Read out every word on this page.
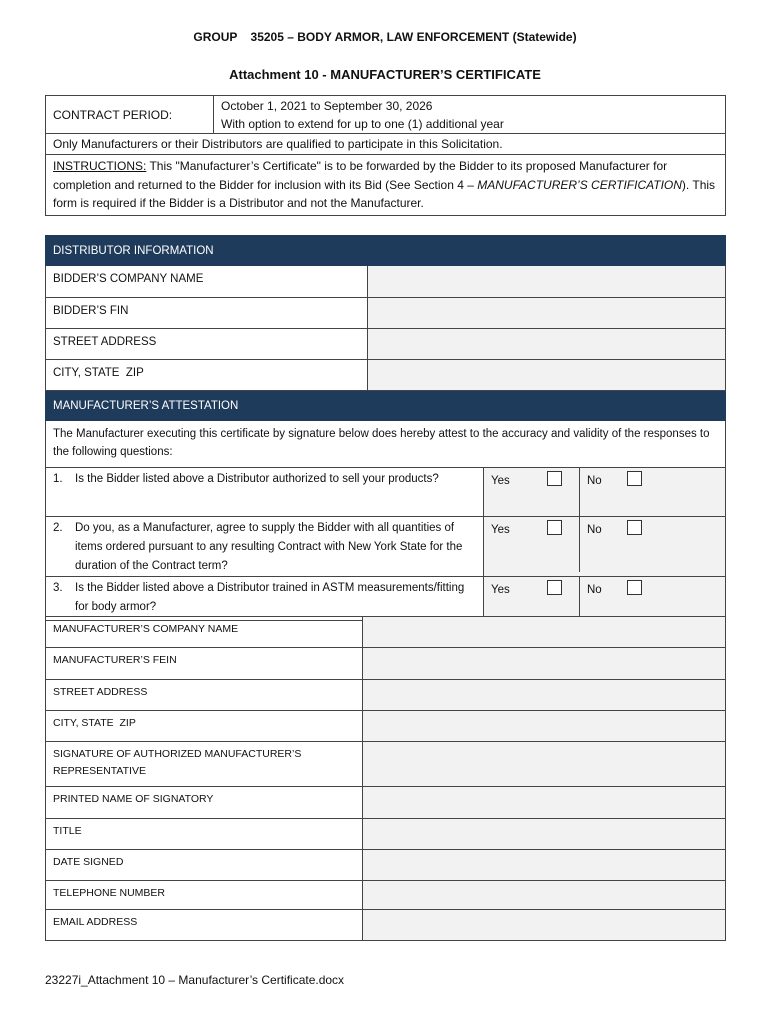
GROUP    35205 – BODY ARMOR, LAW ENFORCEMENT (Statewide)
Attachment 10 - MANUFACTURER’S CERTIFICATE
CONTRACT PERIOD:	
October 1, 2021 to September 30, 2026
With option to extend for up to one (1) additional year

Only Manufacturers or their Distributors are qualified to participate in this Solicitation.
INSTRUCTIONS: This "Manufacturer’s Certificate" is to be forwarded by the Bidder to its proposed Manufacturer for completion and returned to the Bidder for inclusion with its Bid (See Section 4 – MANUFACTURER’S CERTIFICATION). This form is required if the Bidder is a Distributor and not the Manufacturer.
DISTRIBUTOR INFORMATION		
BIDDER’S COMPANY NAME		
BIDDER’S FIN		
STREET ADDRESS		
CITY, STATE  ZIP		
MANUFACTURER’S ATTESTATION		
The Manufacturer executing this certificate by signature below does hereby attest to the accuracy and validity of the responses to the following questions:		
1. Is the Bidder listed above a Distributor authorized to sell your products?		Yes No

2. Do you, as a Manufacturer, agree to supply the Bidder with all quantities of items ordered pursuant to any resulting Contract with New York State for the duration of the Contract term?		Yes No

3. Is the Bidder listed above a Distributor trained in ASTM measurements/fitting for body armor?		Yes No
MANUFACTURER’S COMPANY NAME	
MANUFACTURER’S FEIN	
STREET ADDRESS	
CITY, STATE  ZIP	
SIGNATURE OF AUTHORIZED MANUFACTURER’S REPRESENTATIVE	
PRINTED NAME OF SIGNATORY	
TITLE	
DATE SIGNED	
TELEPHONE NUMBER	
EMAIL ADDRESS	
23227i_Attachment 10 – Manufacturer’s Certificate.docx
